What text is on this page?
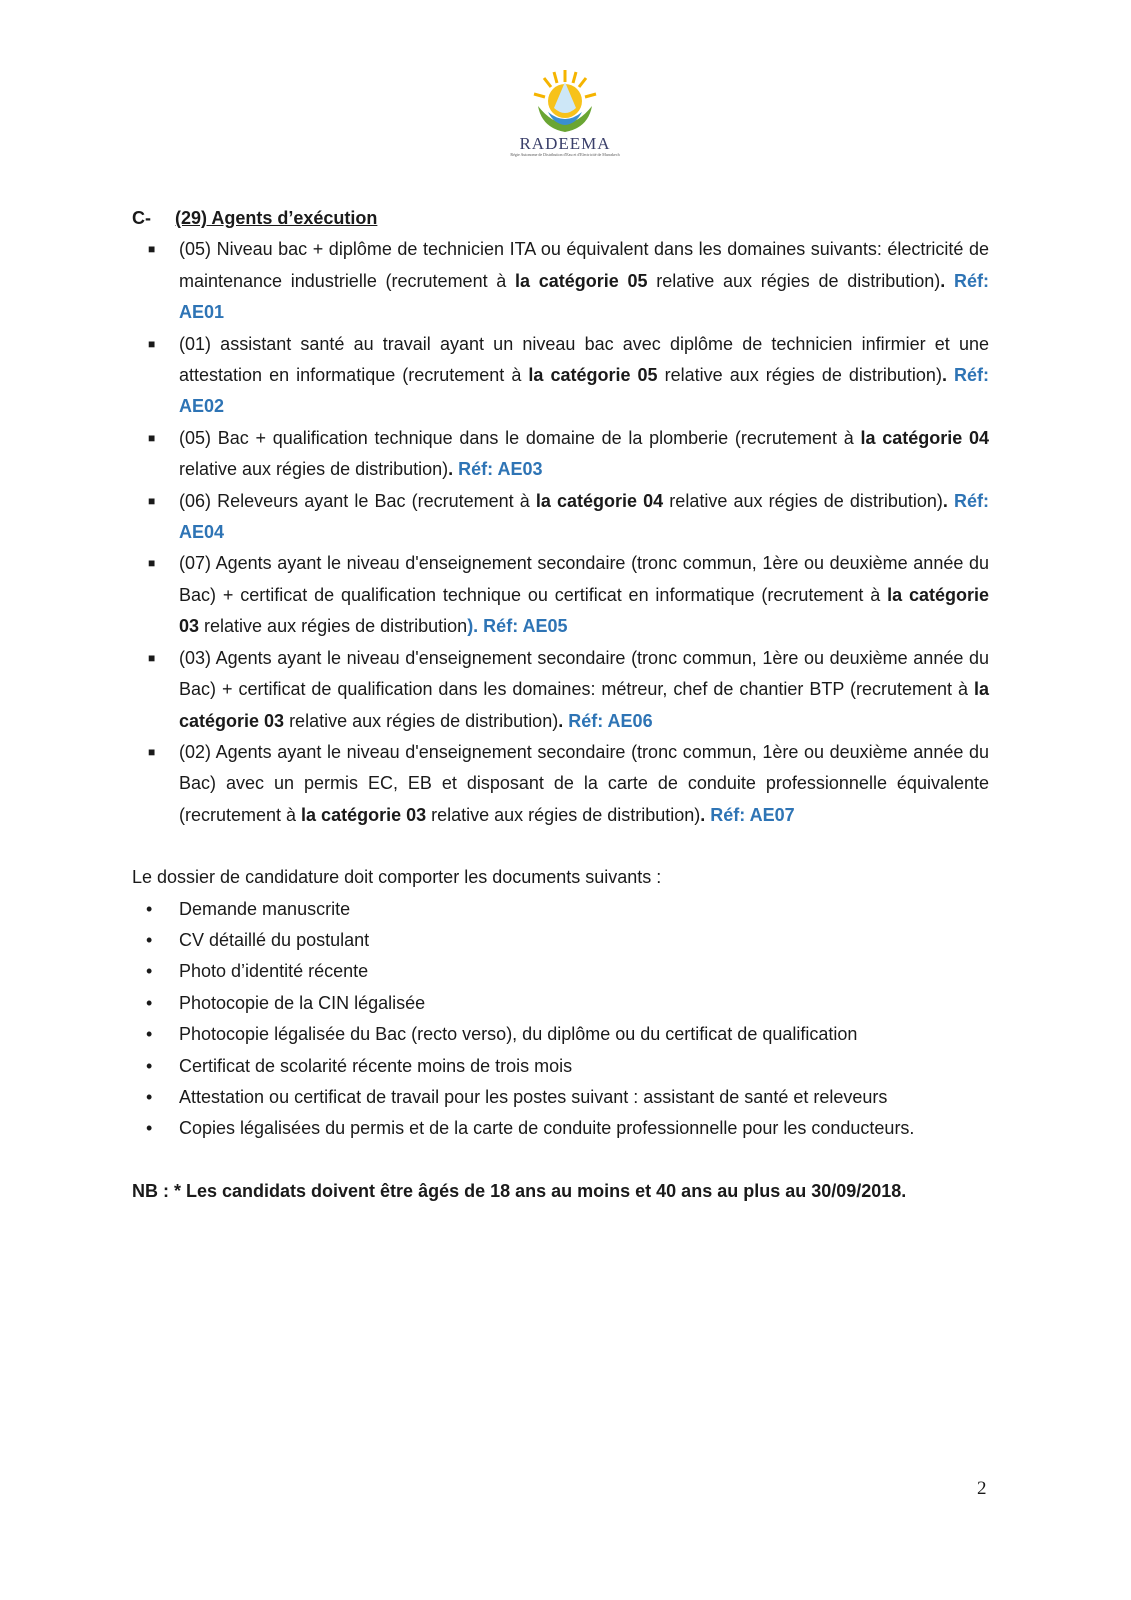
RADEEMA
Régie Autonome de Distribution d'Eau et d'Electricité de Marrakech
C-	(29) Agents d’exécution
■ (05) Niveau bac + diplôme de technicien ITA ou équivalent dans les domaines suivants: électricité de maintenance industrielle (recrutement à la catégorie 05 relative aux régies de distribution). Réf: AE01
■ (01) assistant santé au travail ayant un niveau bac avec diplôme de technicien infirmier et une attestation en informatique (recrutement à la catégorie 05 relative aux régies de distribution). Réf: AE02
■ (05) Bac + qualification technique dans le domaine de la plomberie (recrutement à la catégorie 04 relative aux régies de distribution). Réf: AE03
■ (06) Releveurs ayant le Bac (recrutement à la catégorie 04 relative aux régies de distribution). Réf: AE04
■ (07) Agents ayant le niveau d'enseignement secondaire (tronc commun, 1ère ou deuxième année du Bac) + certificat de qualification technique ou certificat en informatique (recrutement à la catégorie 03 relative aux régies de distribution). Réf: AE05
■ (03) Agents ayant le niveau d'enseignement secondaire (tronc commun, 1ère ou deuxième année du Bac) + certificat de qualification dans les domaines: métreur, chef de chantier BTP (recrutement à la catégorie 03 relative aux régies de distribution). Réf: AE06
■ (02) Agents ayant le niveau d'enseignement secondaire (tronc commun, 1ère ou deuxième année du Bac) avec un permis EC, EB et disposant de la carte de conduite professionnelle équivalente (recrutement à la catégorie 03 relative aux régies de distribution). Réf: AE07
Le dossier de candidature doit comporter les documents suivants :
• Demande manuscrite
• CV détaillé du postulant
• Photo d’identité récente
• Photocopie de la CIN légalisée
• Photocopie légalisée du Bac (recto verso), du diplôme ou du certificat de qualification
• Certificat de scolarité récente moins de trois mois
• Attestation ou certificat de travail pour les postes suivant : assistant de santé et releveurs
• Copies légalisées du permis et de la carte de conduite professionnelle pour les conducteurs.
NB : * Les candidats doivent être âgés de 18 ans au moins et 40 ans au plus au 30/09/2018.
2
